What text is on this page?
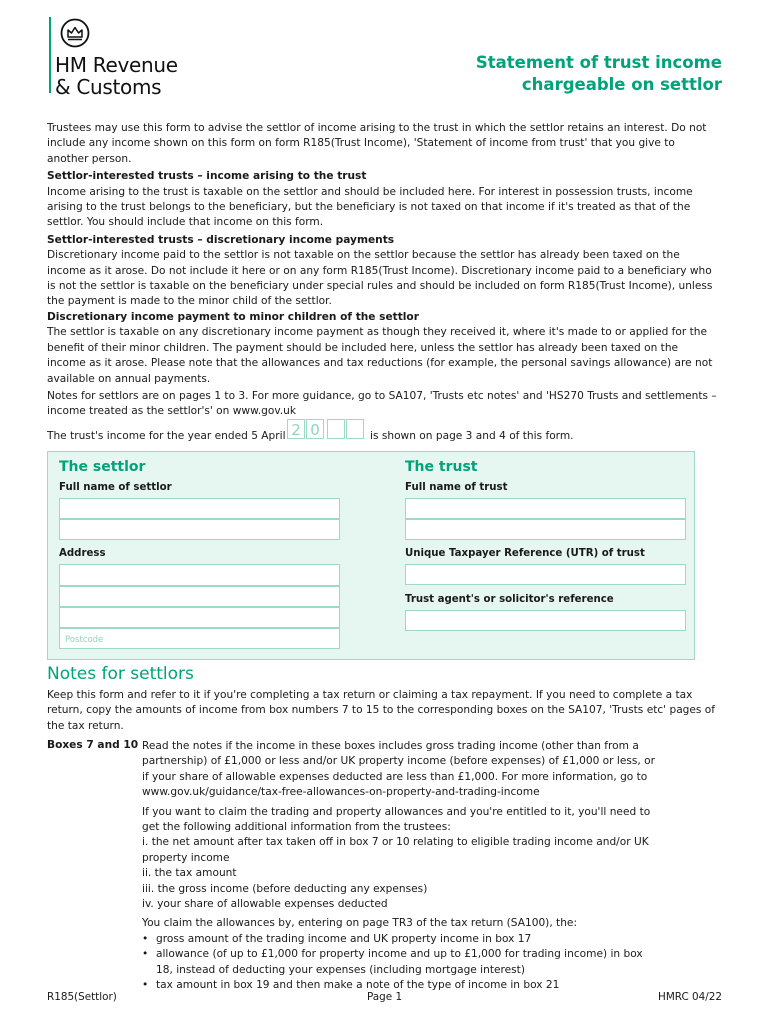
HM Revenue
& Customs
Statement of trust income
chargeable on settlor

Trustees may use this form to advise the settlor of income arising to the trust in which the settlor retains an interest. Do not include any income shown on this form on form R185(Trust Income), 'Statement of income from trust' that you give to another person.

Settlor-interested trusts – income arising to the trust

Income arising to the trust is taxable on the settlor and should be included here. For interest in possession trusts, income arising to the trust belongs to the beneficiary, but the beneficiary is not taxed on that income if it's treated as that of the settlor. You should include that income on this form.

Settlor-interested trusts – discretionary income payments

Discretionary income paid to the settlor is not taxable on the settlor because the settlor has already been taxed on the income as it arose. Do not include it here or on any form R185(Trust Income). Discretionary income paid to a beneficiary who is not the settlor is taxable on the beneficiary under special rules and should be included on form R185(Trust Income), unless the payment is made to the minor child of the settlor.

Discretionary income payment to minor children of the settlor

The settlor is taxable on any discretionary income payment as though they received it, where it's made to or applied for the benefit of their minor children. The payment should be included here, unless the settlor has already been taxed on the income as it arose. Please note that the allowances and tax reductions (for example, the personal savings allowance) are not available on annual payments.

Notes for settlors are on pages 1 to 3. For more guidance, go to SA107, 'Trusts etc notes' and 'HS270 Trusts and settlements – income treated as the settlor's' on www.gov.uk

The trust's income for the year ended 5 April 2 0	is shown on page 3 and 4 of this form.
The settlor
Full name of settlor
Address
Postcode
The trust
Full name of trust
Unique Taxpayer Reference (UTR) of trust
Trust agent's or solicitor's reference
Notes for settlors
Keep this form and refer to it if you're completing a tax return or claiming a tax repayment. If you need to complete a tax return, copy the amounts of income from box numbers 7 to 15 to the corresponding boxes on the SA107, 'Trusts etc' pages of the tax return.
Boxes 7 and 10 Read the notes if the income in these boxes includes gross trading income (other than from a partnership) of £1,000 or less and/or UK property income (before expenses) of £1,000 or less, or if your share of allowable expenses deducted are less than £1,000. For more information, go to www.gov.uk/guidance/tax-free-allowances-on-property-and-trading-income

If you want to claim the trading and property allowances and you're entitled to it, you'll need to get the following additional information from the trustees:

i. the net amount after tax taken off in box 7 or 10 relating to eligible trading income and/or UK property income
ii. the tax amount
iii. the gross income (before deducting any expenses)
iv. your share of allowable expenses deducted

You claim the allowances by, entering on page TR3 of the tax return (SA100), the:

• gross amount of the trading income and UK property income in box 17
• allowance (of up to £1,000 for property income and up to £1,000 for trading income) in box 18, instead of deducting your expenses (including mortgage interest)
• tax amount in box 19 and then make a note of the type of income in box 21
R185(Settlor)	Page 1	HMRC 04/22
